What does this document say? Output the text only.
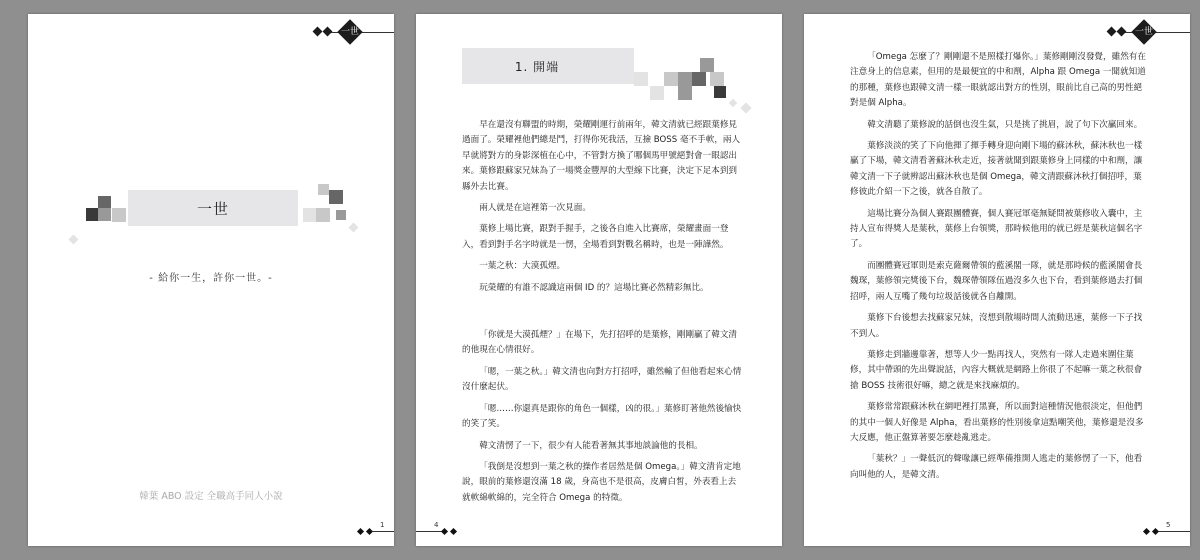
一世
一世
- 給你一生，許你一世。-
韓葉 ABO 設定 全職高手同人小說
1
1. 開端

早在還沒有聯盟的時期，榮耀剛運行前兩年，韓文清就已經跟葉修見過面了。榮耀裡他們總是鬥，打得你死我活，互撿 BOSS 毫不手軟，兩人早就將對方的身影深植在心中，不管對方換了哪個馬甲號絕對會一眼認出來。葉修跟蘇家兄妹為了一場獎金豐厚的大型線下比賽，決定下足本到到縣外去比賽。

兩人就是在這裡第一次見面。

葉修上場比賽，跟對手握手，之後各自進入比賽席，榮耀畫面一登入，看到對手名字時就是一愣，全場看到對戰名稱時，也是一陣譁然。

一葉之秋：大漠孤煙。

玩榮耀的有誰不認識這兩個 ID 的？這場比賽必然精彩無比。

「你就是大漠孤煙？」在場下，先打招呼的是葉修，剛剛贏了韓文清的他現在心情很好。

「嗯，一葉之秋。」韓文清也向對方打招呼，雖然輸了但他看起來心情沒什麼起伏。

「嗯……你還真是跟你的角色一個樣，凶的很。」葉修盯著他然後愉快的笑了笑。

韓文清愣了一下，很少有人能看著無其事地談論他的長相。

「我倒是沒想到一葉之秋的操作者居然是個 Omega。」韓文清肯定地說，眼前的葉修還沒滿 18 歲，身高也不是很高，皮膚白皙，外表看上去就軟綿軟綿的，完全符合 Omega 的特徵。

4
一世

「Omega 怎麼了？剛剛還不是照樣打爆你。」葉修剛剛沒發覺，雖然有在注意身上的信息素，但用的是最便宜的中和劑，Alpha 跟 Omega 一聞就知道的那種，葉修也跟韓文清一樣一眼就認出對方的性別，眼前比自己高的男性絕對是個 Alpha。

韓文清聽了葉修說的話倒也沒生氣，只是挑了挑眉，說了句下次贏回來。

葉修淡淡的笑了下向他揮了揮手轉身迎向剛下場的蘇沐秋，蘇沐秋也一樣贏了下場，韓文清看著蘇沐秋走近，接著就聞到跟葉修身上同樣的中和劑，讓韓文清一下子就辨認出蘇沐秋也是個 Omega，韓文清跟蘇沐秋打個招呼，葉修彼此介紹一下之後，就各自散了。

這場比賽分為個人賽跟團體賽，個人賽冠軍毫無疑問被葉修收入囊中，主持人宣布得獎人是葉秋，葉修上台領獎，那時候他用的就已經是葉秋這個名字了。

而團體賽冠軍則是索克薩爾帶領的藍溪閣一隊，就是那時候的藍溪閣會長魏琛，葉修領完獎後下台，魏琛帶領隊伍過沒多久也下台，看到葉修過去打個招呼，兩人互嘴了幾句垃圾話後就各自離開。

葉修下台後想去找蘇家兄妹，沒想到散場時間人流動迅速，葉修一下子找不到人。

葉修走到牆邊靠著，想等人少一點再找人，突然有一隊人走過來圍住葉修，其中帶頭的先出聲說話，內容大概就是網路上你很了不起嘛一葉之秋很會搶 BOSS 技術很好嘛，總之就是來找麻煩的。

葉修常常跟蘇沐秋在網吧裡打黑賽，所以面對這種情況他很淡定，但他們的其中一個人好像是 Alpha，看出葉修的性別後拿這點嘲笑他，葉修還是沒多大反應，他正盤算著要怎麼趁亂逃走。

「葉秋？」一聲低沉的聲喙讓已經準備推開人逃走的葉修愣了一下，他看向叫他的人，是韓文清。

5
